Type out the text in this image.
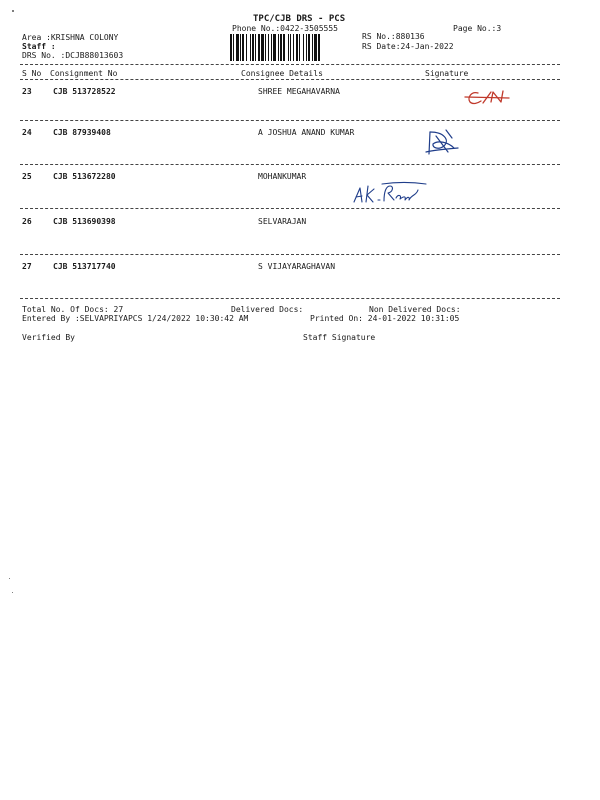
TPC/CJB DRS - PCS
Phone No.:0422-3505555	Page No.:3
Area :KRISHNA COLONY
Staff :
DRS No. :DCJB88013603
RS No.:880136
RS Date:24-Jan-2022
S No Consignment No	Consignee Details	Signature
23	CJB 513728522	SHREE MEGAHAVARNA
P/S
24	CJB 87939408	A JOSHUA ANAND KUMAR
25	CJB 513672280	MOHANKUMAR
9360215494
26	CJB 513690398	SELVARAJAN
C/N
27	CJB 513717740	S VIJAYARAGHAVAN
C/N
Total No. Of Docs: 27	Delivered Docs:	Non Delivered Docs:
Entered By :SELVAPRIYAPCS 1/24/2022 10:30:42 AM	Printed On: 24-01-2022 10:31:05
Verified By	Staff Signature
